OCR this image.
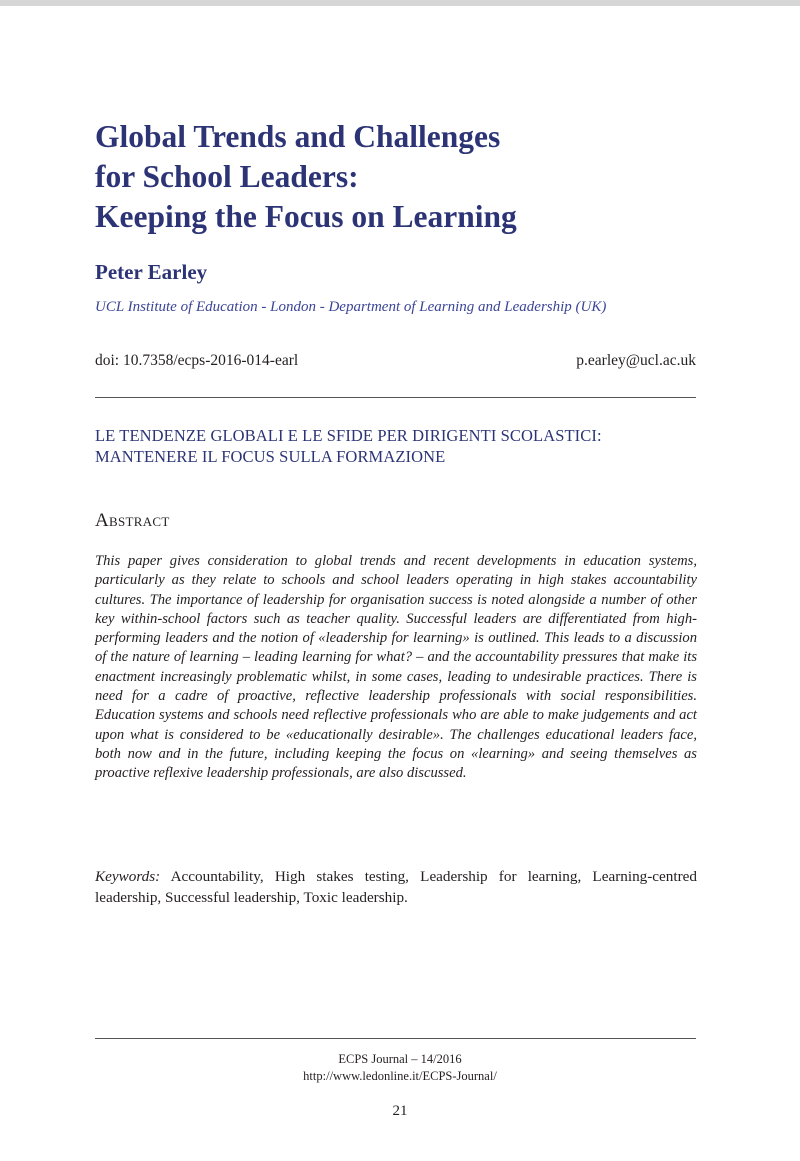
Global Trends and Challenges
for School Leaders:
Keeping the Focus on Learning
Peter Earley
UCL Institute of Education - London - Department of Learning and Leadership (UK)
doi: 10.7358/ecps-2016-014-earl	p.earley@ucl.ac.uk
LE TENDENZE GLOBALI E LE SFIDE PER DIRIGENTI SCOLASTICI:
MANTENERE IL FOCUS SULLA FORMAZIONE
Abstract

This paper gives consideration to global trends and recent developments in education systems, particularly as they relate to schools and school leaders operating in high stakes accountability cultures. The importance of leadership for organisation success is noted alongside a number of other key within-school factors such as teacher quality. Successful leaders are differentiated from high-performing leaders and the notion of «leadership for learning» is outlined. This leads to a discussion of the nature of learning – leading learning for what? – and the accountability pressures that make its enactment increasingly problematic whilst, in some cases, leading to undesirable practices. There is need for a cadre of proactive, reflective leadership professionals with social responsibilities. Education systems and schools need reflective professionals who are able to make judgements and act upon what is considered to be «educationally desirable». The challenges educational leaders face, both now and in the future, including keeping the focus on «learning» and seeing themselves as proactive reflexive leadership professionals, are also discussed.

Keywords: Accountability, High stakes testing, Leadership for learning, Learning-centred leadership, Successful leadership, Toxic leadership.
ECPS Journal – 14/2016
http://www.ledonline.it/ECPS-Journal/
21
